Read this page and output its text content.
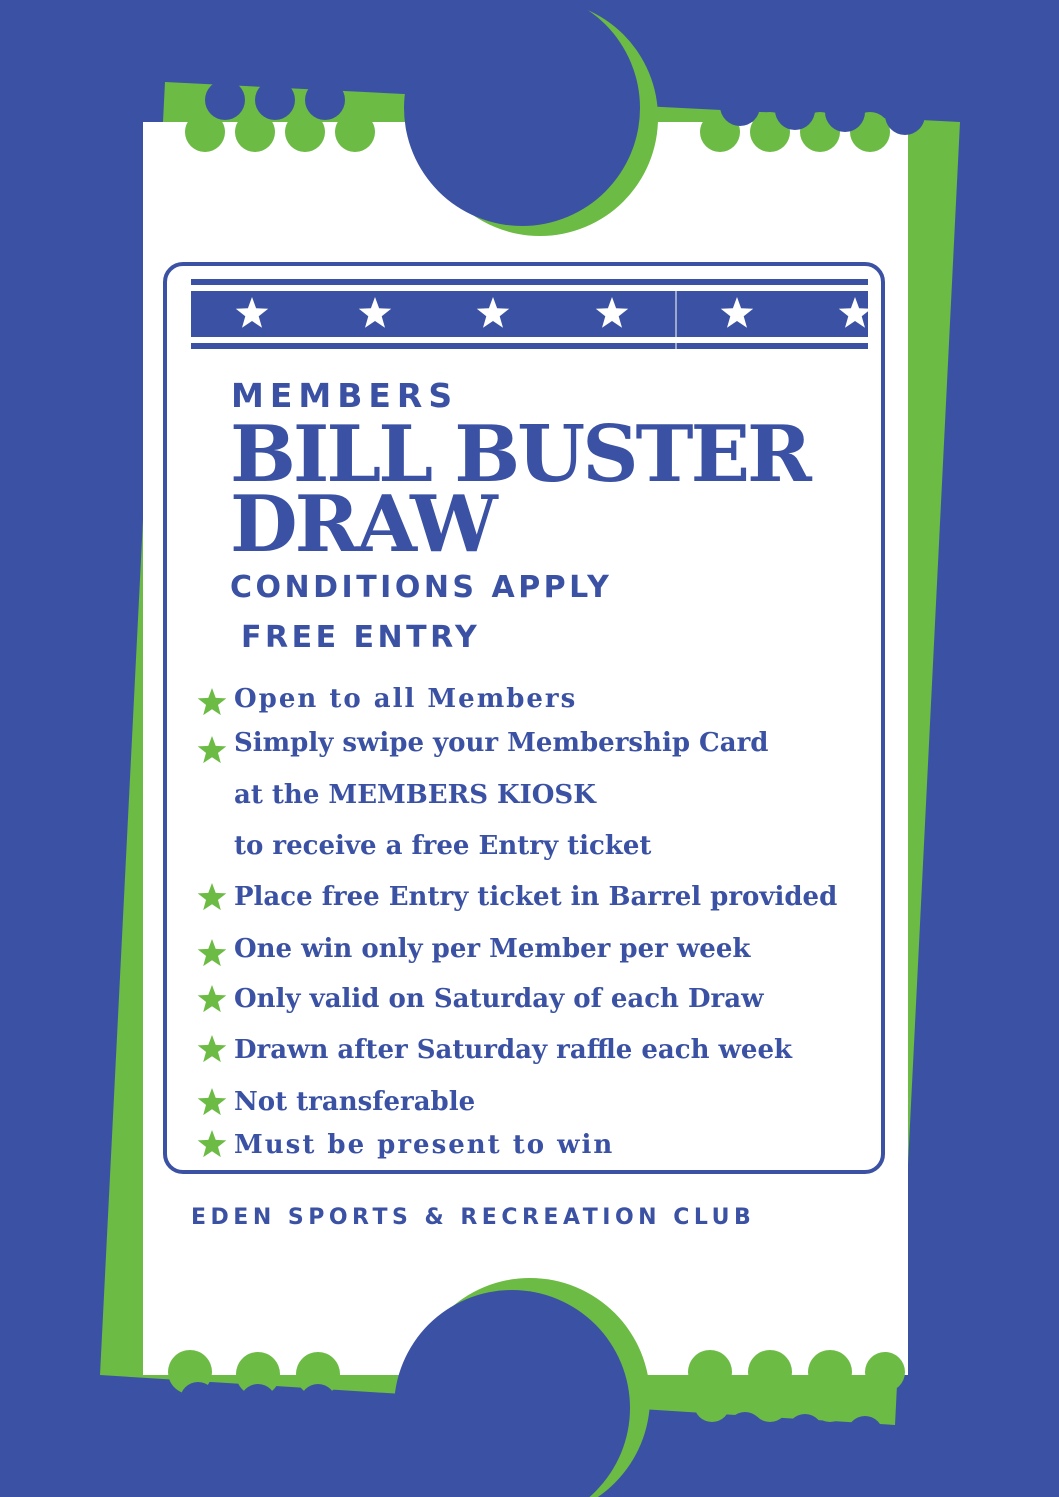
MEMBERS

BILL BUSTER
DRAW

CONDITIONS APPLY

FREE ENTRY

Open to all Members
Simply swipe your Membership Card
at the MEMBERS KIOSK
to receive a free Entry ticket
Place free Entry ticket in Barrel provided
One win only per Member per week
Only valid on Saturday of each Draw
Drawn after Saturday raffle each week
Not transferable
Must be present to win

EDEN SPORTS & RECREATION CLUB
